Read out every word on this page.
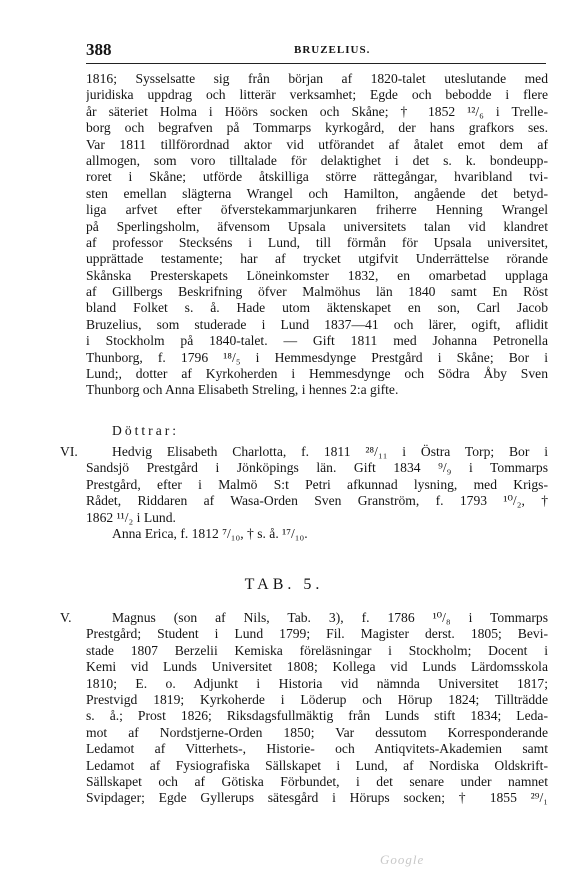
388	BRUZELIUS.
1816; Sysselsatte sig från början af 1820-talet uteslutande med
juridiska uppdrag och litterär verksamhet; Egde och bebodde i flere
år säteriet Holma i Höörs socken och Skåne; † 1852 ¹²/₆ i Trelle-
borg och begrafven på Tommarps kyrkogård, der hans grafkors ses.
Var 1811 tillförordnad aktor vid utförandet af åtalet emot dem af
allmogen, som voro tilltalade för delaktighet i det s. k. bondeupp-
roret i Skåne; utförde åtskilliga större rättegångar, hvaribland tvi-
sten emellan slägterna Wrangel och Hamilton, angående det betyd-
liga arfvet efter öfverstekammarjunkaren friherre Henning Wrangel
på Sperlingsholm, äfvensom Upsala universitets talan vid klandret
af professor Steckséns i Lund, till förmån för Upsala universitet,
upprättade testamente; har af trycket utgifvit Underrättelse rörande
Skånska Presterskapets Löneinkomster 1832, en omarbetad upplaga
af Gillbergs Beskrifning öfver Malmöhus län 1840 samt En Röst
bland Folket s. å. Hade utom äktenskapet en son, Carl Jacob
Bruzelius, som studerade i Lund 1837—41 och lärer, ogift, aflidit
i Stockholm på 1840-talet. — Gift 1811 med Johanna Petronella
Thunborg, f. 1796 ¹⁸/₅ i Hemmesdynge Prestgård i Skåne; Bor i
Lund;, dotter af Kyrkoherden i Hemmesdynge och Södra Åby Sven
Thunborg och Anna Elisabeth Streling, i hennes 2:a gifte.
Döttrar:
VI.	Hedvig Elisabeth Charlotta, f. 1811 ²⁸/₁₁ i Östra Torp; Bor i
Sandsjö Prestgård i Jönköpings län. Gift 1834 ⁹/₉ i Tommarps
Prestgård, efter i Malmö S:t Petri afkunnad lysning, med Krigs-
Rådet, Riddaren af Wasa-Orden Sven Granström, f. 1793 ¹⁰/₂, †
1862 ¹¹/₂ i Lund.
Anna Erica, f. 1812 ⁷/₁₀, † s. å. ¹⁷/₁₀.
TAB. 5.
V.	Magnus (son af Nils, Tab. 3), f. 1786 ¹⁰/₈ i Tommarps
Prestgård; Student i Lund 1799; Fil. Magister derst. 1805; Bevi-
stade 1807 Berzelii Kemiska föreläsningar i Stockholm; Docent i
Kemi vid Lunds Universitet 1808; Kollega vid Lunds Lärdomsskola
1810; E. o. Adjunkt i Historia vid nämnda Universitet 1817;
Prestvigd 1819; Kyrkoherde i Löderup och Hörup 1824; Tillträdde
s. å.; Prost 1826; Riksdagsfullmäktig från Lunds stift 1834; Leda-
mot af Nordstjerne-Orden 1850; Var dessutom Korresponderande
Ledamot af Vitterhets-, Historie- och Antiqvitets-Akademien samt
Ledamot af Fysiografiska Sällskapet i Lund, af Nordiska Oldskrift-
Sällskapet och af Götiska Förbundet, i det senare under namnet
Svipdager; Egde Gyllerups sätesgård i Hörups socken; † 1855 ²⁹/₁
Google
